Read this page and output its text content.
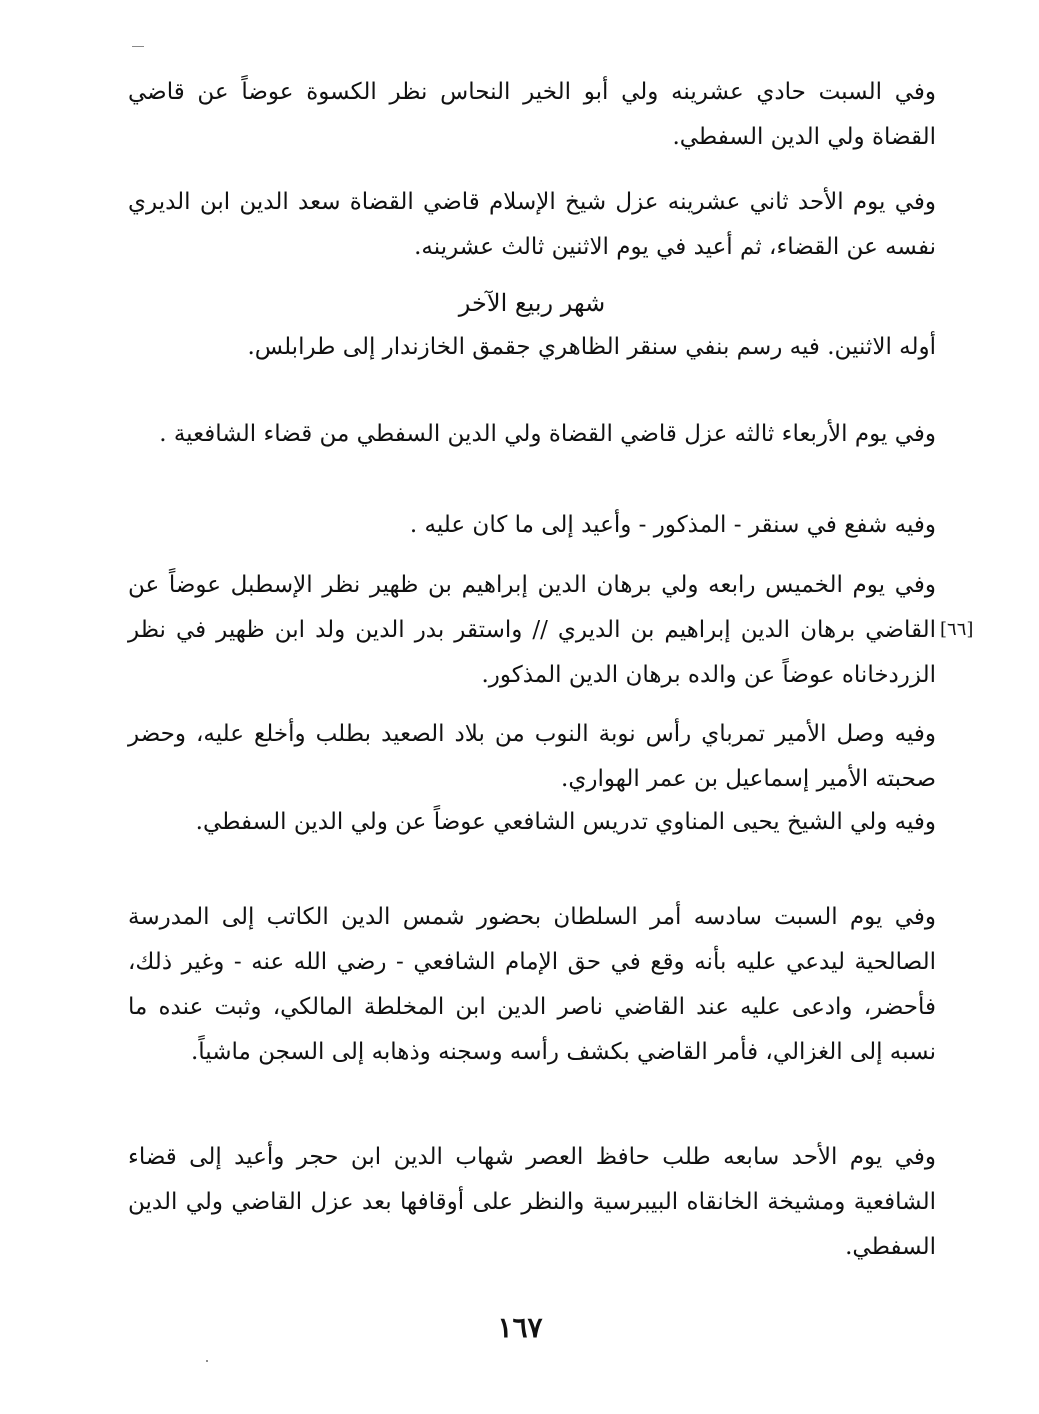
وفي السبت حادي عشرينه ولي أبو الخير النحاس نظر الكسوة عوضاً عن قاضي القضاة ولي الدين السفطي.
وفي يوم الأحد ثاني عشرينه عزل شيخ الإسلام قاضي القضاة سعد الدين ابن الديري نفسه عن القضاء، ثم أعيد في يوم الاثنين ثالث عشرينه.
شهر ربيع الآخر
أوله الاثنين. فيه رسم بنفي سنقر الظاهري جقمق الخازندار إلى طرابلس.
وفي يوم الأربعاء ثالثه عزل قاضي القضاة ولي الدين السفطي من قضاء الشافعية .
وفيه شفع في سنقر - المذكور - وأعيد إلى ما كان عليه .
وفي يوم الخميس رابعه ولي برهان الدين إبراهيم بن ظهير نظر الإسطبل عوضاً عن القاضي برهان الدين إبراهيم بن الديري // واستقر بدر الدين ولد ابن ظهير في نظر الزردخاناه عوضاً عن والده برهان الدين المذكور.
[٦٦]
وفيه وصل الأمير تمرباي رأس نوبة النوب من بلاد الصعيد بطلب وأخلع عليه، وحضر صحبته الأمير إسماعيل بن عمر الهواري.
وفيه ولي الشيخ يحيى المناوي تدريس الشافعي عوضاً عن ولي الدين السفطي.
وفي يوم السبت سادسه أمر السلطان بحضور شمس الدين الكاتب إلى المدرسة الصالحية ليدعي عليه بأنه وقع في حق الإمام الشافعي - رضي الله عنه - وغير ذلك، فأحضر، وادعى عليه عند القاضي ناصر الدين ابن المخلطة المالكي، وثبت عنده ما نسبه إلى الغزالي، فأمر القاضي بكشف رأسه وسجنه وذهابه إلى السجن ماشياً.
وفي يوم الأحد سابعه طلب حافظ العصر شهاب الدين ابن حجر وأعيد إلى قضاء الشافعية ومشيخة الخانقاه البيبرسية والنظر على أوقافها بعد عزل القاضي ولي الدين السفطي.
١٦٧
